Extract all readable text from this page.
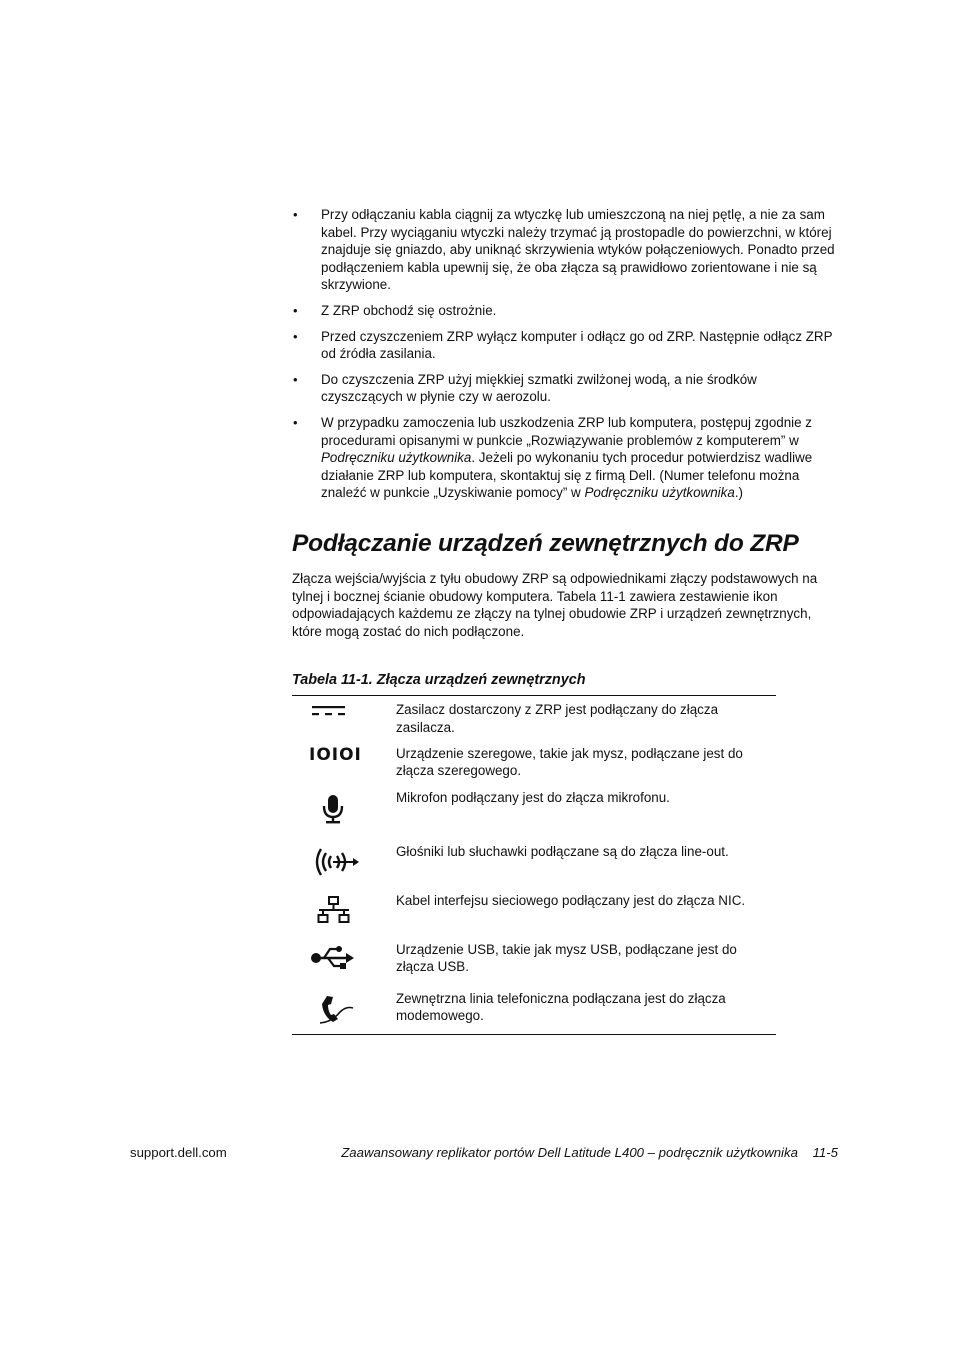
• Przy odłączaniu kabla ciągnij za wtyczkę lub umieszczoną na niej pętlę, a nie za sam kabel. Przy wyciąganiu wtyczki należy trzymać ją prostopadle do powierzchni, w której znajduje się gniazdo, aby uniknąć skrzywienia wtyków połączeniowych. Ponadto przed podłączeniem kabla upewnij się, że oba złącza są prawidłowo zorientowane i nie są skrzywione.
• Z ZRP obchodź się ostrożnie.
• Przed czyszczeniem ZRP wyłącz komputer i odłącz go od ZRP. Następnie odłącz ZRP od źródła zasilania.
• Do czyszczenia ZRP użyj miękkiej szmatki zwilżonej wodą, a nie środków czyszczących w płynie czy w aerozolu.
• W przypadku zamoczenia lub uszkodzenia ZRP lub komputera, postępuj zgodnie z procedurami opisanymi w punkcie „Rozwiązywanie problemów z komputerem” w Podręczniku użytkownika. Jeżeli po wykonaniu tych procedur potwierdzisz wadliwe działanie ZRP lub komputera, skontaktuj się z firmą Dell. (Numer telefonu można znaleźć w punkcie „Uzyskiwanie pomocy” w Podręczniku użytkownika.)
Podłączanie urządzeń zewnętrznych do ZRP

Złącza wejścia/wyjścia z tyłu obudowy ZRP są odpowiednikami złączy podstawowych na tylnej i bocznej ścianie obudowy komputera. Tabela 11-1 zawiera zestawienie ikon odpowiadających każdemu ze złączy na tylnej obudowie ZRP i urządzeń zewnętrznych, które mogą zostać do nich podłączone.

Tabela 11-1. Złącza urządzeń zewnętrznych
	Zasilacz dostarczony z ZRP jest podłączany do złącza zasilacza.

IOIOI	Urządzenie szeregowe, takie jak mysz, podłączane jest do złącza szeregowego.

	Mikrofon podłączany jest do złącza mikrofonu.

	Głośniki lub słuchawki podłączane są do złącza line-out.

	Kabel interfejsu sieciowego podłączany jest do złącza NIC.

	Urządzenie USB, takie jak mysz USB, podłączane jest do złącza USB.

	Zewnętrzna linia telefoniczna podłączana jest do złącza modemowego.
support.dell.com	Zaawansowany replikator portów Dell Latitude L400 – podręcznik użytkownika    11-5
